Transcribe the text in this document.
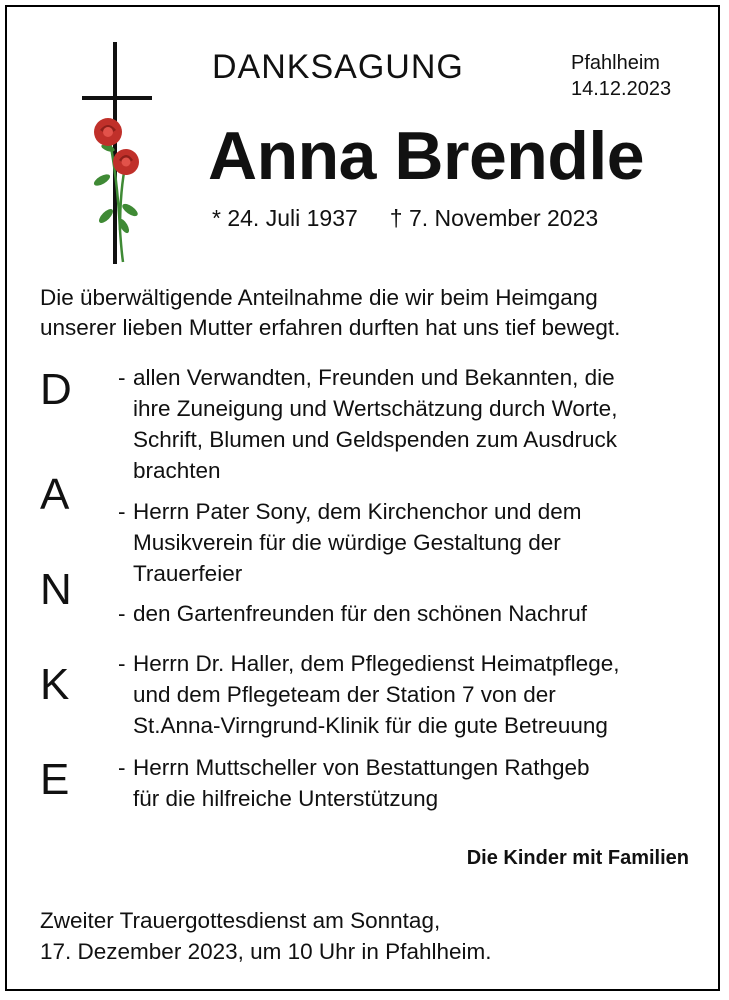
DANKSAGUNG	Pfahlheim
14.12.2023
Anna Brendle
* 24. Juli 1937 † 7. November 2023
Die überwältigende Anteilnahme die wir beim Heimgang
unserer lieben Mutter erfahren durften hat uns tief bewegt.
D
A
N
K
E
- allen Verwandten, Freunden und Bekannten, die
ihre Zuneigung und Wertschätzung durch Worte,
Schrift, Blumen und Geldspenden zum Ausdruck
brachten
- Herrn Pater Sony, dem Kirchenchor und dem
Musikverein für die würdige Gestaltung der
Trauerfeier
- den Gartenfreunden für den schönen Nachruf
- Herrn Dr. Haller, dem Pflegedienst Heimatpflege,
und dem Pflegeteam der Station 7 von der
St.Anna-Virngrund-Klinik für die gute Betreuung
- Herrn Muttscheller von Bestattungen Rathgeb
für die hilfreiche Unterstützung
Die Kinder mit Familien
Zweiter Trauergottesdienst am Sonntag,
17. Dezember 2023, um 10 Uhr in Pfahlheim.
